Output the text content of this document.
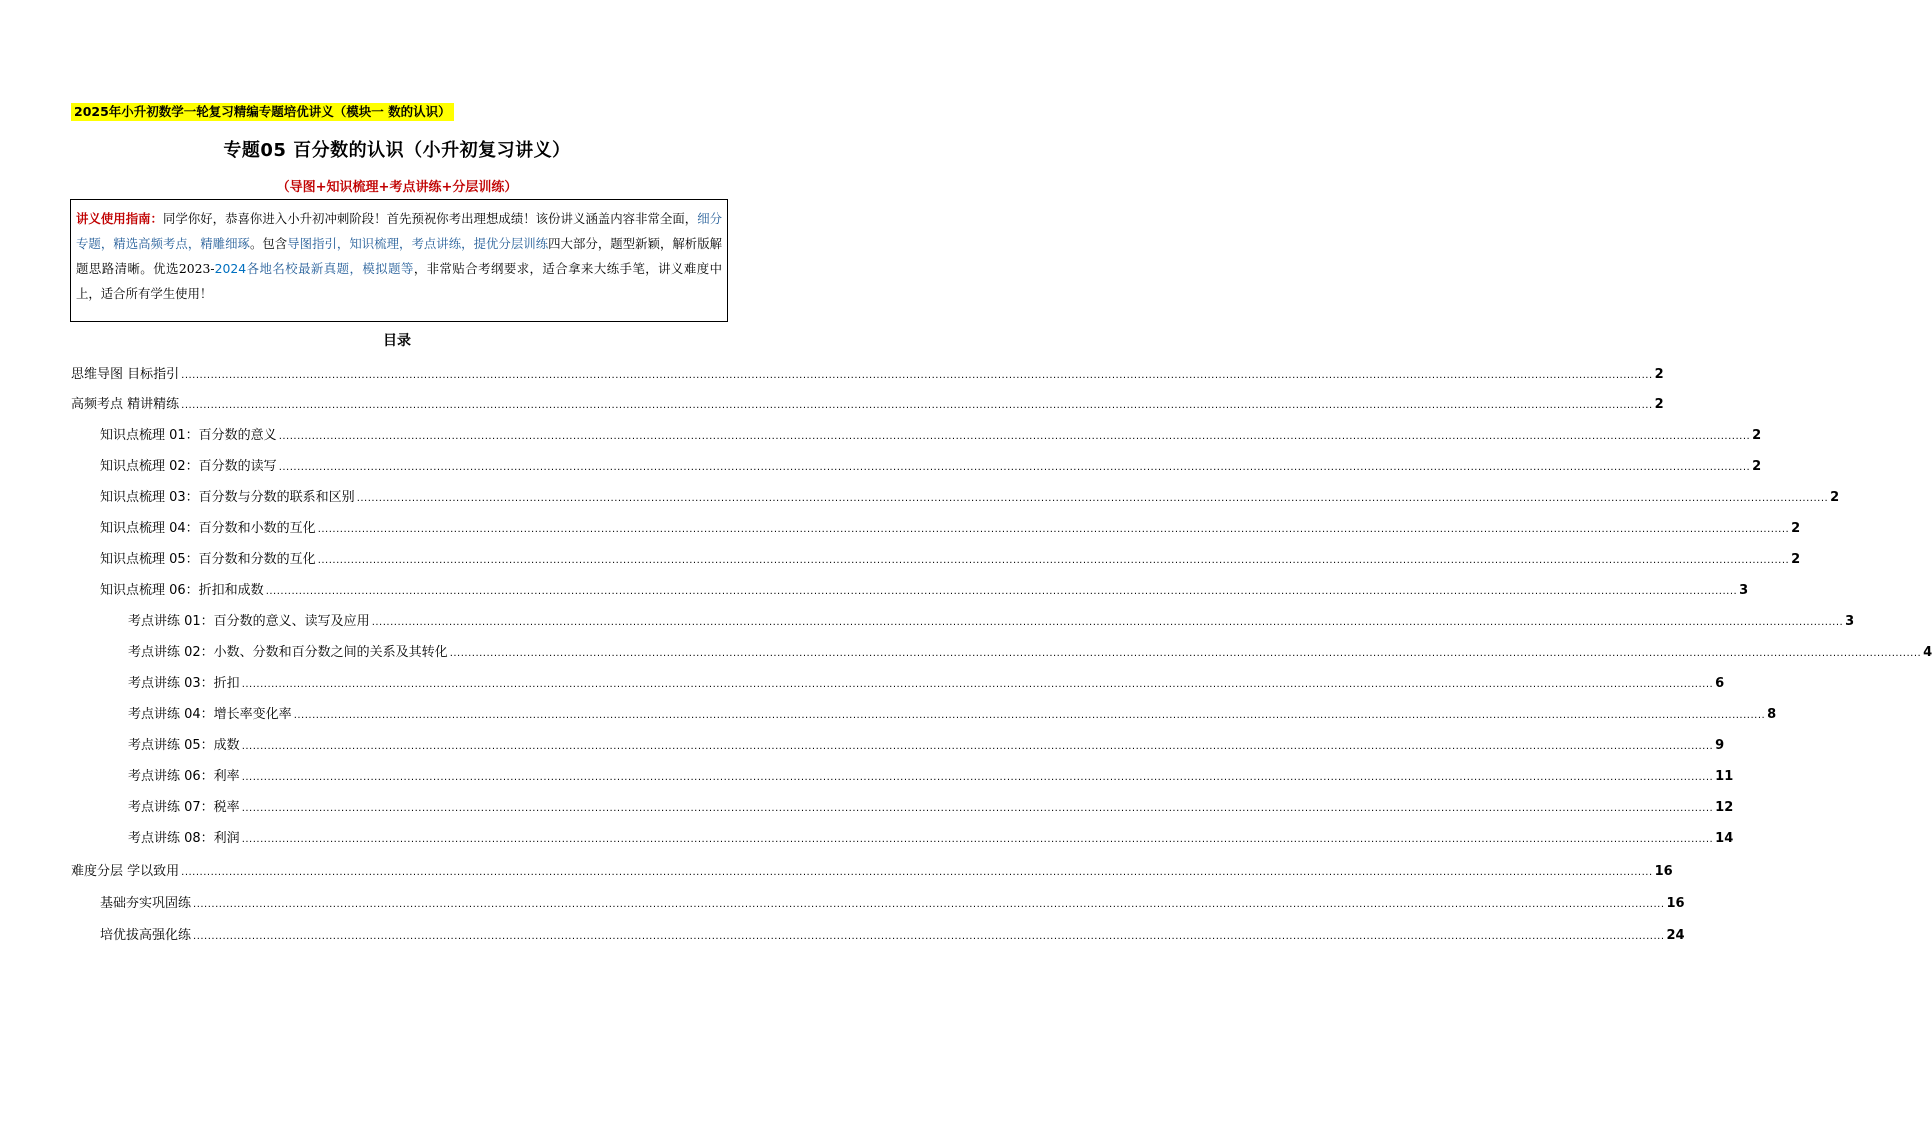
2025年小升初数学一轮复习精编专题培优讲义（模块一 数的认识）
专题05 百分数的认识（小升初复习讲义）
（导图+知识梳理+考点讲练+分层训练）
讲义使用指南：同学你好，恭喜你进入小升初冲刺阶段！首先预祝你考出理想成绩！该份讲义涵盖内容非常全面，细分专题，精选高频考点，精雕细琢。包含导图指引，知识梳理，考点讲练，提优分层训练四大部分，题型新颖，解析版解题思路清晰。优选2023-2024各地名校最新真题，模拟题等，非常贴合考纲要求，适合拿来大练手笔，讲义难度中上，适合所有学生使用！
目录
思维导图 目标指引 ................................................................................................................................................................................................................................................................................................................................................................................................................ 2
高频考点 精讲精练 ................................................................................................................................................................................................................................................................................................................................................................................................................ 2
知识点梳理 01：百分数的意义 ................................................................................................................................................................................................................................................................................................................................................................................................................ 2
知识点梳理 02：百分数的读写 ................................................................................................................................................................................................................................................................................................................................................................................................................ 2
知识点梳理 03：百分数与分数的联系和区别 ................................................................................................................................................................................................................................................................................................................................................................................................................ 2
知识点梳理 04：百分数和小数的互化 ................................................................................................................................................................................................................................................................................................................................................................................................................ 2
知识点梳理 05：百分数和分数的互化 ................................................................................................................................................................................................................................................................................................................................................................................................................ 2
知识点梳理 06：折扣和成数 ................................................................................................................................................................................................................................................................................................................................................................................................................ 3
考点讲练 01：百分数的意义、读写及应用 ................................................................................................................................................................................................................................................................................................................................................................................................................ 3
考点讲练 02：小数、分数和百分数之间的关系及其转化 ................................................................................................................................................................................................................................................................................................................................................................................................................ 4
考点讲练 03：折扣 ................................................................................................................................................................................................................................................................................................................................................................................................................ 6
考点讲练 04：增长率变化率 ................................................................................................................................................................................................................................................................................................................................................................................................................ 8
考点讲练 05：成数 ................................................................................................................................................................................................................................................................................................................................................................................................................ 9
考点讲练 06：利率 ................................................................................................................................................................................................................................................................................................................................................................................................................ 11
考点讲练 07：税率 ................................................................................................................................................................................................................................................................................................................................................................................................................ 12
考点讲练 08：利润 ................................................................................................................................................................................................................................................................................................................................................................................................................ 14
难度分层 学以致用 ................................................................................................................................................................................................................................................................................................................................................................................................................ 16
基础夯实巩固练 ................................................................................................................................................................................................................................................................................................................................................................................................................ 16
培优拔高强化练 ................................................................................................................................................................................................................................................................................................................................................................................................................ 24
